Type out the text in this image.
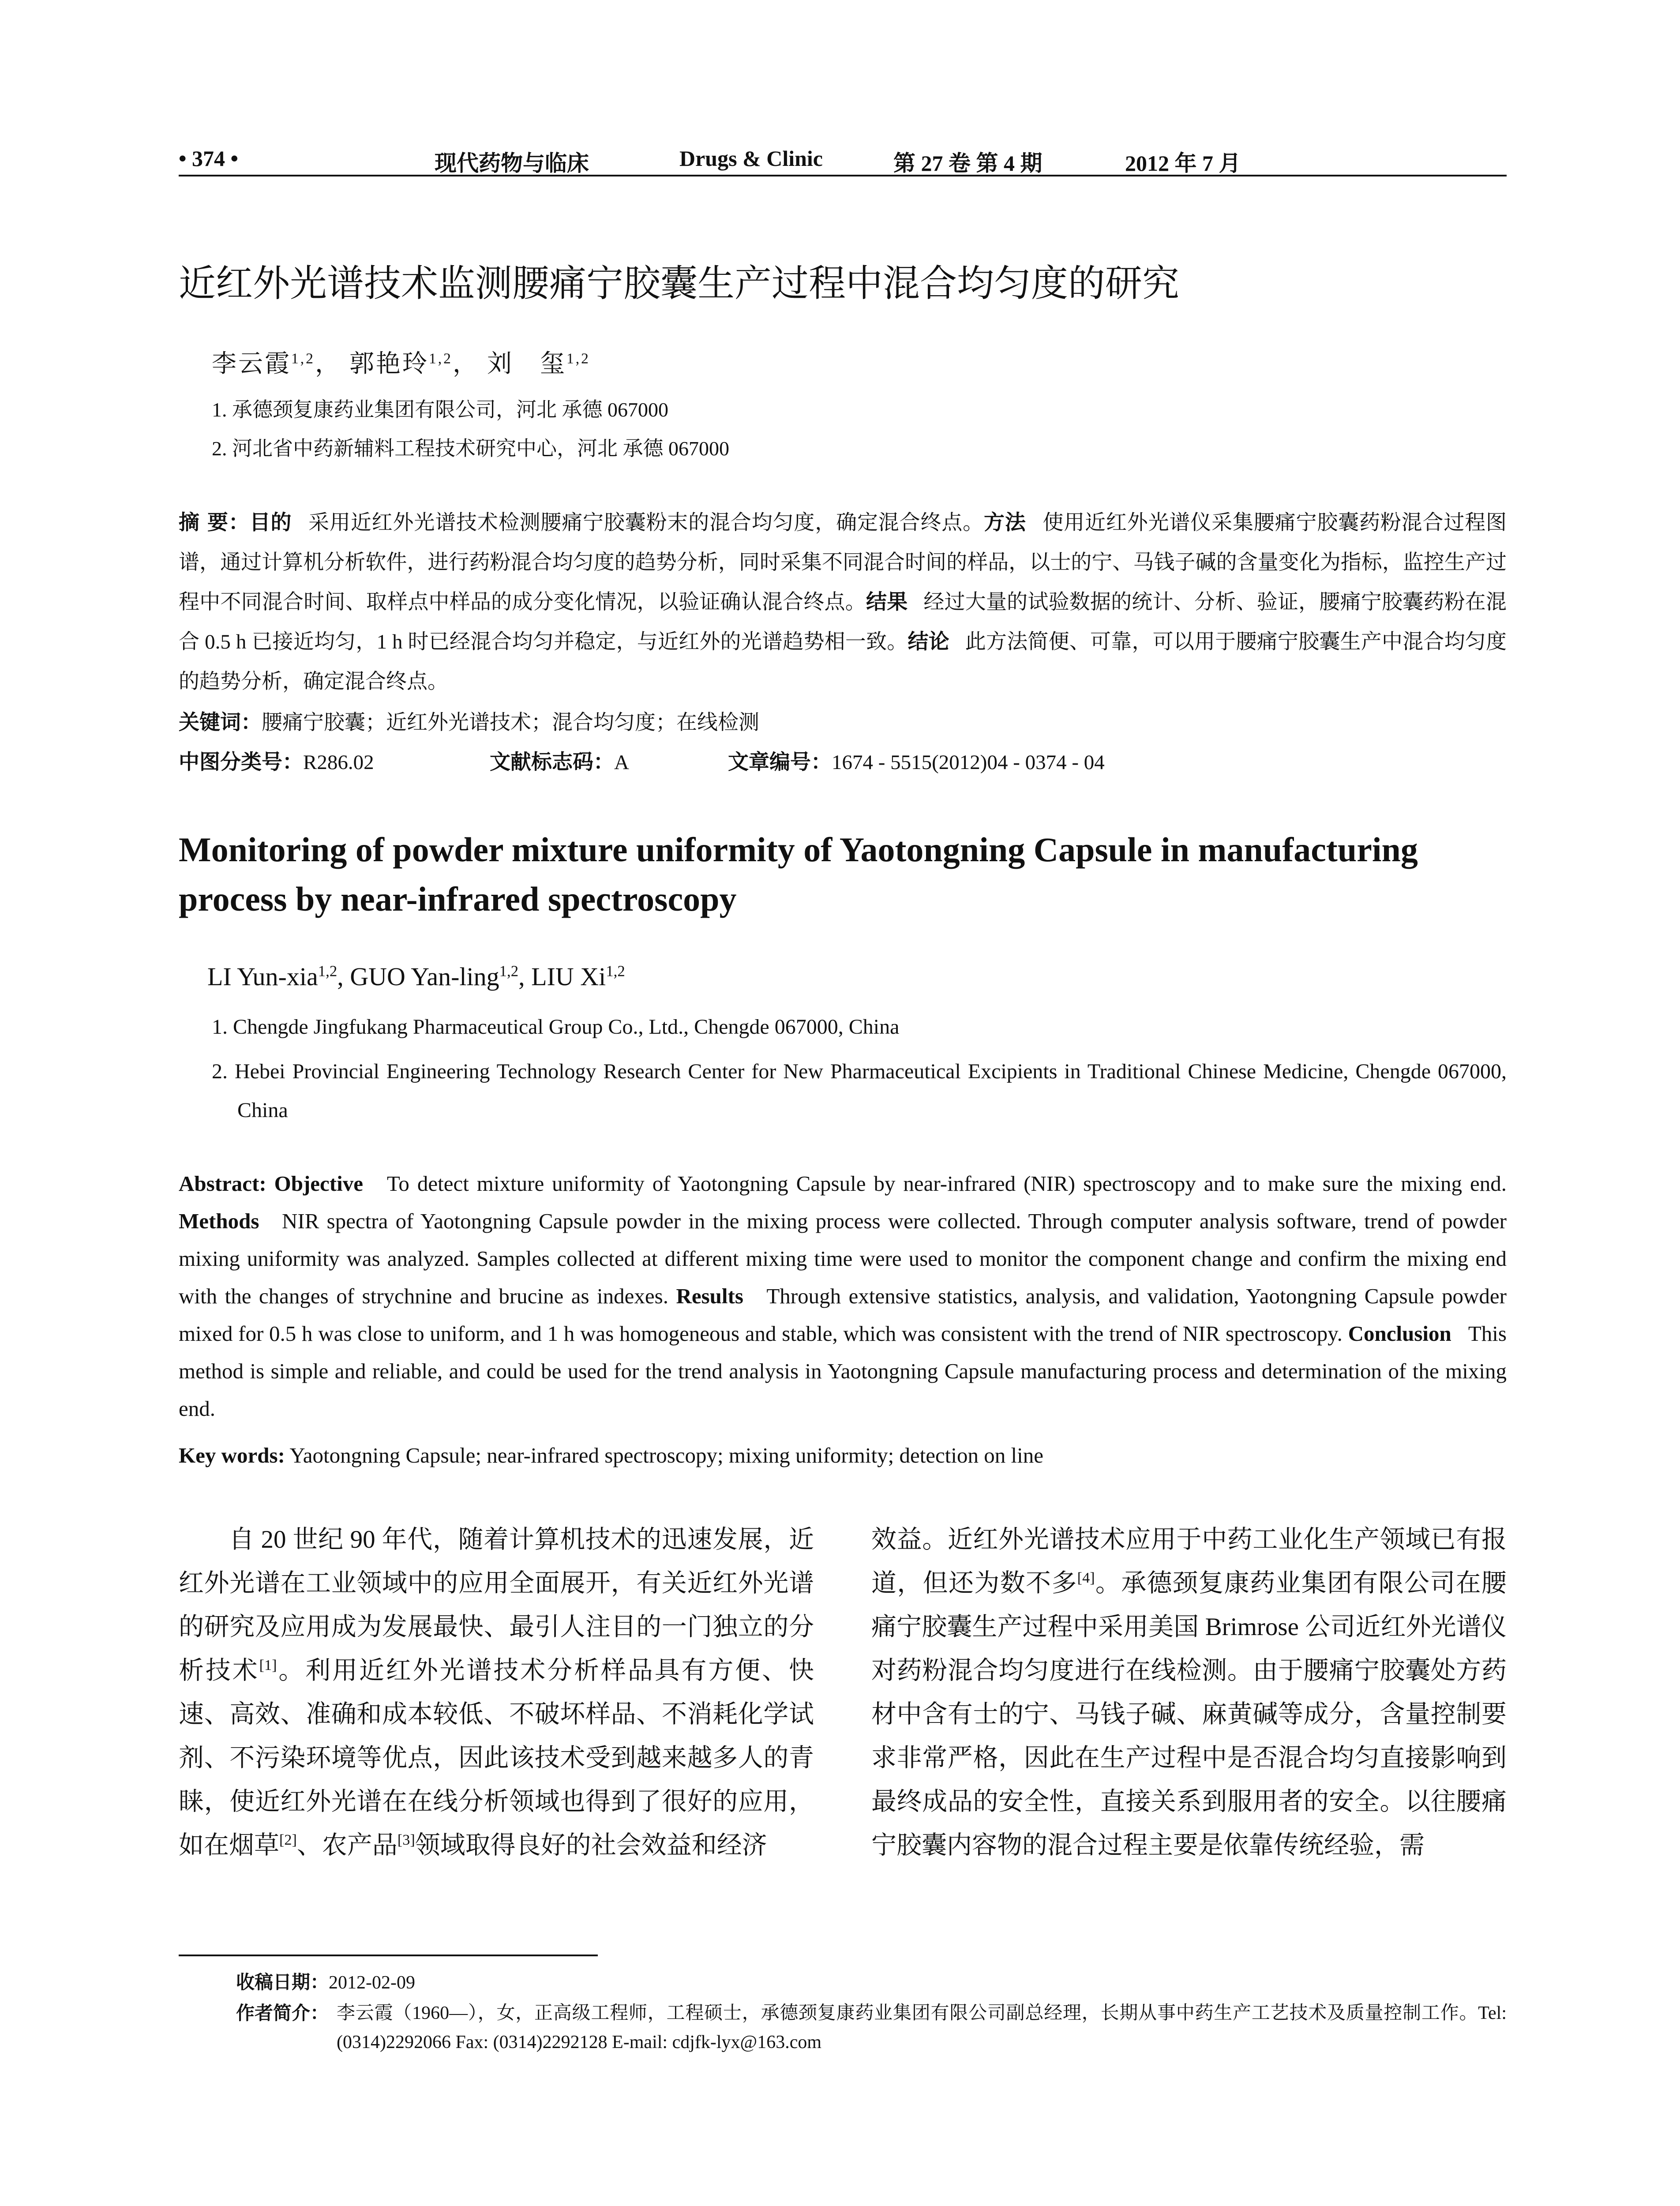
• 374 •	现代药物与临床	Drugs & Clinic	第 27 卷 第 4 期	2012 年 7 月
近红外光谱技术监测腰痛宁胶囊生产过程中混合均匀度的研究
李云霞$^{1,2}$， 郭艳玲$^{1,2}$， 刘　玺$^{1,2}$
1. 承德颈复康药业集团有限公司，河北 承德 067000
2. 河北省中药新辅料工程技术研究中心，河北 承德 067000
摘 要：目的 采用近红外光谱技术检测腰痛宁胶囊粉末的混合均匀度，确定混合终点。方法 使用近红外光谱仪采集腰痛宁胶囊药粉混合过程图谱，通过计算机分析软件，进行药粉混合均匀度的趋势分析，同时采集不同混合时间的样品，以士的宁、马钱子碱的含量变化为指标，监控生产过程中不同混合时间、取样点中样品的成分变化情况，以验证确认混合终点。结果 经过大量的试验数据的统计、分析、验证，腰痛宁胶囊药粉在混合 0.5 h 已接近均匀，1 h 时已经混合均匀并稳定，与近红外的光谱趋势相一致。结论 此方法简便、可靠，可以用于腰痛宁胶囊生产中混合均匀度的趋势分析，确定混合终点。
关键词：腰痛宁胶囊；近红外光谱技术；混合均匀度；在线检测
中图分类号：R286.02	文献标志码：A	文章编号：1674 - 5515(2012)04 - 0374 - 04
Monitoring of powder mixture uniformity of Yaotongning Capsule in manufacturing process by near-infrared spectroscopy
LI Yun-xia$^{1,2}$, GUO Yan-ling$^{1,2}$, LIU Xi$^{1,2}$
1. Chengde Jingfukang Pharmaceutical Group Co., Ltd., Chengde 067000, China
2. Hebei Provincial Engineering Technology Research Center for New Pharmaceutical Excipients in Traditional Chinese Medicine, Chengde 067000, China
Abstract: Objective To detect mixture uniformity of Yaotongning Capsule by near-infrared (NIR) spectroscopy and to make sure the mixing end. Methods NIR spectra of Yaotongning Capsule powder in the mixing process were collected. Through computer analysis software, trend of powder mixing uniformity was analyzed. Samples collected at different mixing time were used to monitor the component change and confirm the mixing end with the changes of strychnine and brucine as indexes. Results Through extensive statistics, analysis, and validation, Yaotongning Capsule powder mixed for 0.5 h was close to uniform, and 1 h was homogeneous and stable, which was consistent with the trend of NIR spectroscopy. Conclusion This method is simple and reliable, and could be used for the trend analysis in Yaotongning Capsule manufacturing process and determination of the mixing end.
Key words: Yaotongning Capsule; near-infrared spectroscopy; mixing uniformity; detection on line
自 20 世纪 90 年代，随着计算机技术的迅速发展，近红外光谱在工业领域中的应用全面展开，有关近红外光谱的研究及应用成为发展最快、最引人注目的一门独立的分析技术[1]。利用近红外光谱技术分析样品具有方便、快速、高效、准确和成本较低、不破坏样品、不消耗化学试剂、不污染环境等优点，因此该技术受到越来越多人的青睐，使近红外光谱在在线分析领域也得到了很好的应用，如在烟草[2]、农产品[3]领域取得良好的社会效益和经济
效益。近红外光谱技术应用于中药工业化生产领域已有报道，但还为数不多[4]。承德颈复康药业集团有限公司在腰痛宁胶囊生产过程中采用美国 Brimrose 公司近红外光谱仪对药粉混合均匀度进行在线检测。由于腰痛宁胶囊处方药材中含有士的宁、马钱子碱、麻黄碱等成分，含量控制要求非常严格，因此在生产过程中是否混合均匀直接影响到最终成品的安全性，直接关系到服用者的安全。以往腰痛宁胶囊内容物的混合过程主要是依靠传统经验，需
收稿日期：2012-02-09
作者简介： 李云霞（1960—），女，正高级工程师，工程硕士，承德颈复康药业集团有限公司副总经理，长期从事中药生产工艺技术及质量控制工作。Tel: (0314)2292066 Fax: (0314)2292128 E-mail: cdjfk-lyx@163.com
